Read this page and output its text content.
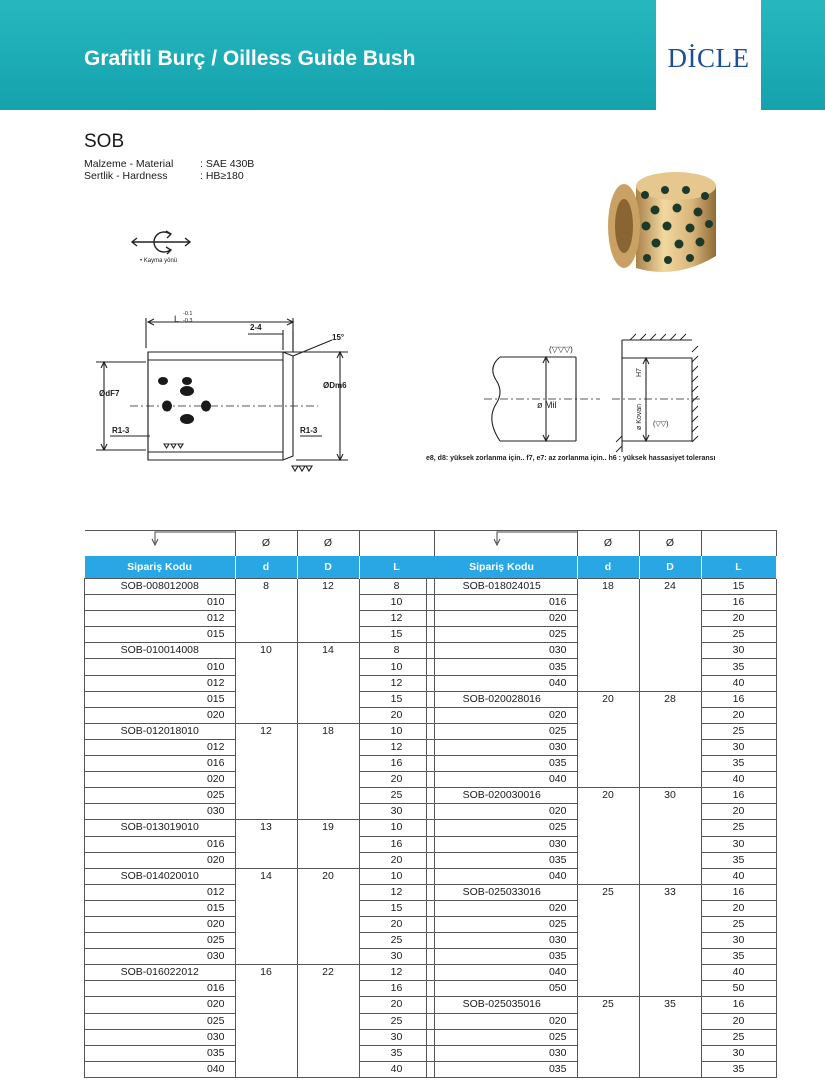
Grafitli Burç / Oilless Guide Bush	DİCLE
SOB
Malzeme - Material	: SAE 430B
Sertlik - Hardness	: HB≥180
L -0.1
-0.3
2-4
15°
ØdF7
ØDm6
R1-3	R1-3
• Kayma yönü
(▽▽▽)
ø Mil
H7
ø Kovan (▽▽)
e8, d8: yüksek zorlanma için.. f7, e7: az zorlanma için.. h6 : yüksek hassasiyet toleransı
	Ø	Ø	
Sipariş Kodu	d	D	L
SOB-008012008	8	12	8
010			10
012			12
015			15
SOB-010014008	10	14	8
010			10
012			12
015			15
020			20
SOB-012018010	12	18	10
012			12
016			16
020			20
025			25
030			30
SOB-013019010	13	19	10
016			16
020			20
SOB-014020010	14	20	10
012			12
015			15
020			20
025			25
030			30
SOB-016022012	16	22	12
016			16
020			20
025			25
030			30
035			35
040			40
	Ø	Ø	
Sipariş Kodu	d	D	L
SOB-018024015	18	24	15
016			16
020			20
025			25
030			30
035			35
040			40
SOB-020028016	20	28	16
020			20
025			25
030			30
035			35
040			40
SOB-020030016	20	30	16
020			20
025			25
030			30
035			35
040			40
SOB-025033016	25	33	16
020			20
025			25
030			30
035			35
040			40
050			50
SOB-025035016	25	35	16
020			20
025			25
030			30
035			35
